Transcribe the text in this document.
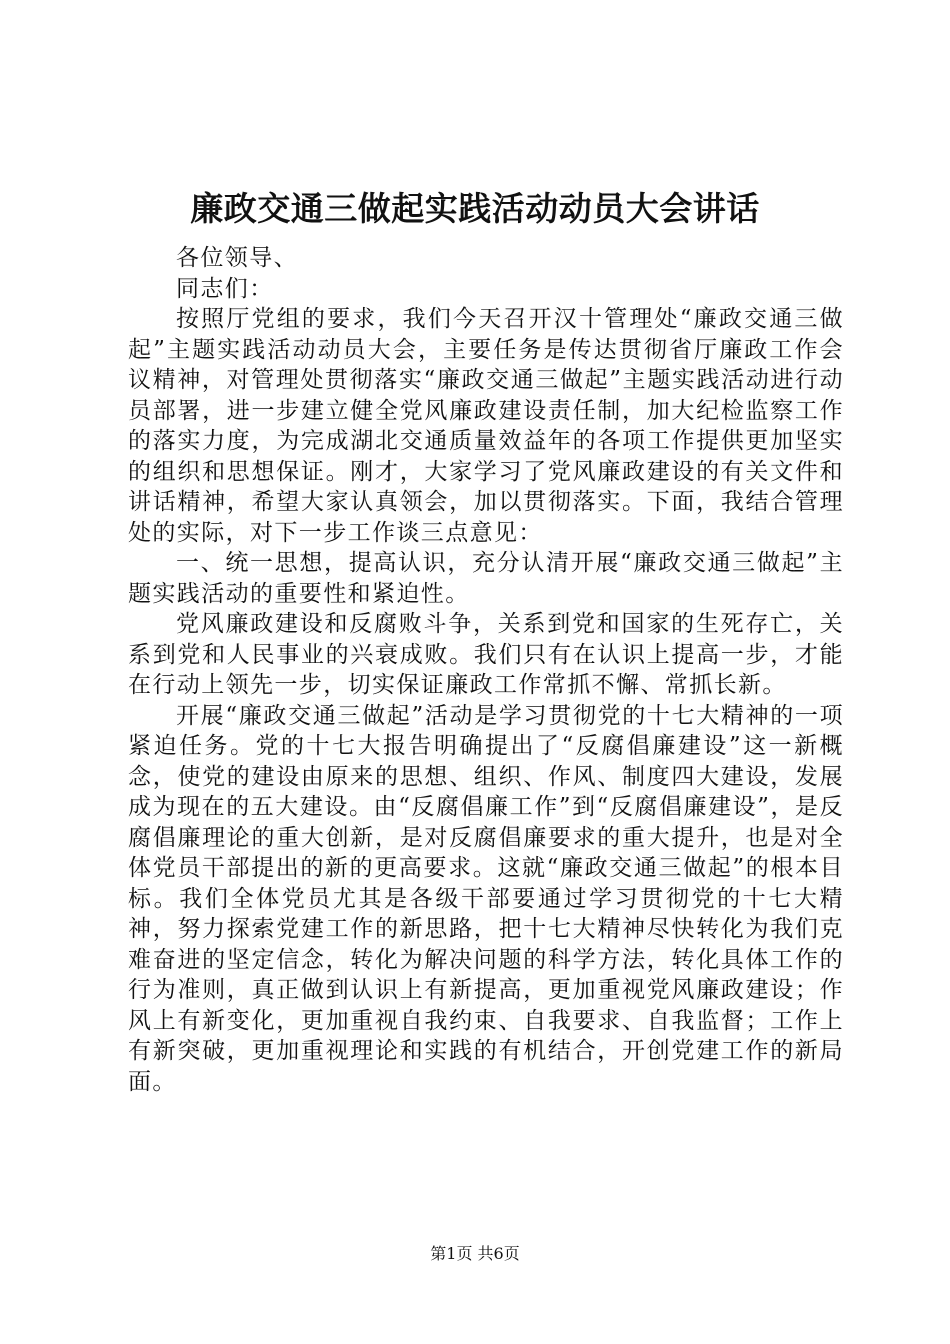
廉政交通三做起实践活动动员大会讲话

各位领导、

同志们：

按照厅党组的要求，我们今天召开汉十管理处“廉政交通三做起”主题实践活动动员大会，主要任务是传达贯彻省厅廉政工作会议精神，对管理处贯彻落实“廉政交通三做起”主题实践活动进行动员部署，进一步建立健全党风廉政建设责任制，加大纪检监察工作的落实力度，为完成湖北交通质量效益年的各项工作提供更加坚实的组织和思想保证。刚才，大家学习了党风廉政建设的有关文件和讲话精神，希望大家认真领会，加以贯彻落实。下面，我结合管理处的实际，对下一步工作谈三点意见：

一、统一思想，提高认识，充分认清开展“廉政交通三做起”主题实践活动的重要性和紧迫性。

党风廉政建设和反腐败斗争，关系到党和国家的生死存亡，关系到党和人民事业的兴衰成败。我们只有在认识上提高一步，才能在行动上领先一步，切实保证廉政工作常抓不懈、常抓长新。

开展“廉政交通三做起”活动是学习贯彻党的十七大精神的一项紧迫任务。党的十七大报告明确提出了“反腐倡廉建设”这一新概念，使党的建设由原来的思想、组织、作风、制度四大建设，发展成为现在的五大建设。由“反腐倡廉工作”到“反腐倡廉建设”，是反腐倡廉理论的重大创新，是对反腐倡廉要求的重大提升，也是对全体党员干部提出的新的更高要求。这就“廉政交通三做起”的根本目标。我们全体党员尤其是各级干部要通过学习贯彻党的十七大精神，努力探索党建工作的新思路，把十七大精神尽快转化为我们克难奋进的坚定信念，转化为解决问题的科学方法，转化具体工作的行为准则，真正做到认识上有新提高，更加重视党风廉政建设；作风上有新变化，更加重视自我约束、自我要求、自我监督；工作上有新突破，更加重视理论和实践的有机结合，开创党建工作的新局面。

第1页 共6页
